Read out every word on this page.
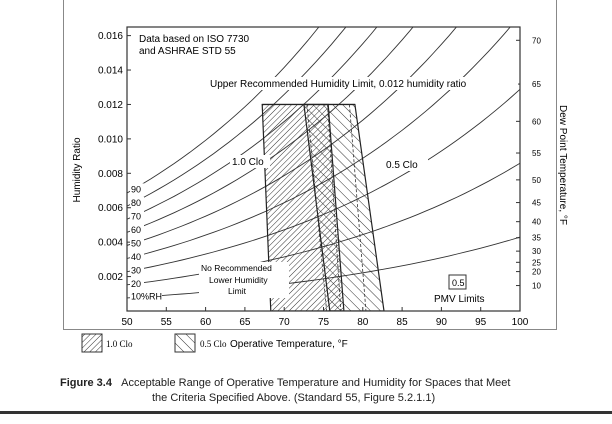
50	55	60	65	70	75	80	85	90	95	100
0.002
0.004
0.006
0.008
0.010
0.012
0.014
0.016
10
20
25
30
35
40
45
50
55
60
65
70
10%RH
20
30
40
50
60
70
80
90
Data based on ISO 7730
and ASHRAE STD 55
Upper Recommended Humidity Limit, 0.012 humidity ratio
1.0 Clo	0.5 Clo
No Recommended
Lower Humidity
Limit
0.5
PMV Limits
Operative Temperature, °F
Humidity Ratio	Dew Point Temperature, °F
1.0 Clo	0.5 Clo
Figure 3.4 Acceptable Range of Operative Temperature and Humidity for Spaces that Meet
the Criteria Specified Above. (Standard 55, Figure 5.2.1.1)
